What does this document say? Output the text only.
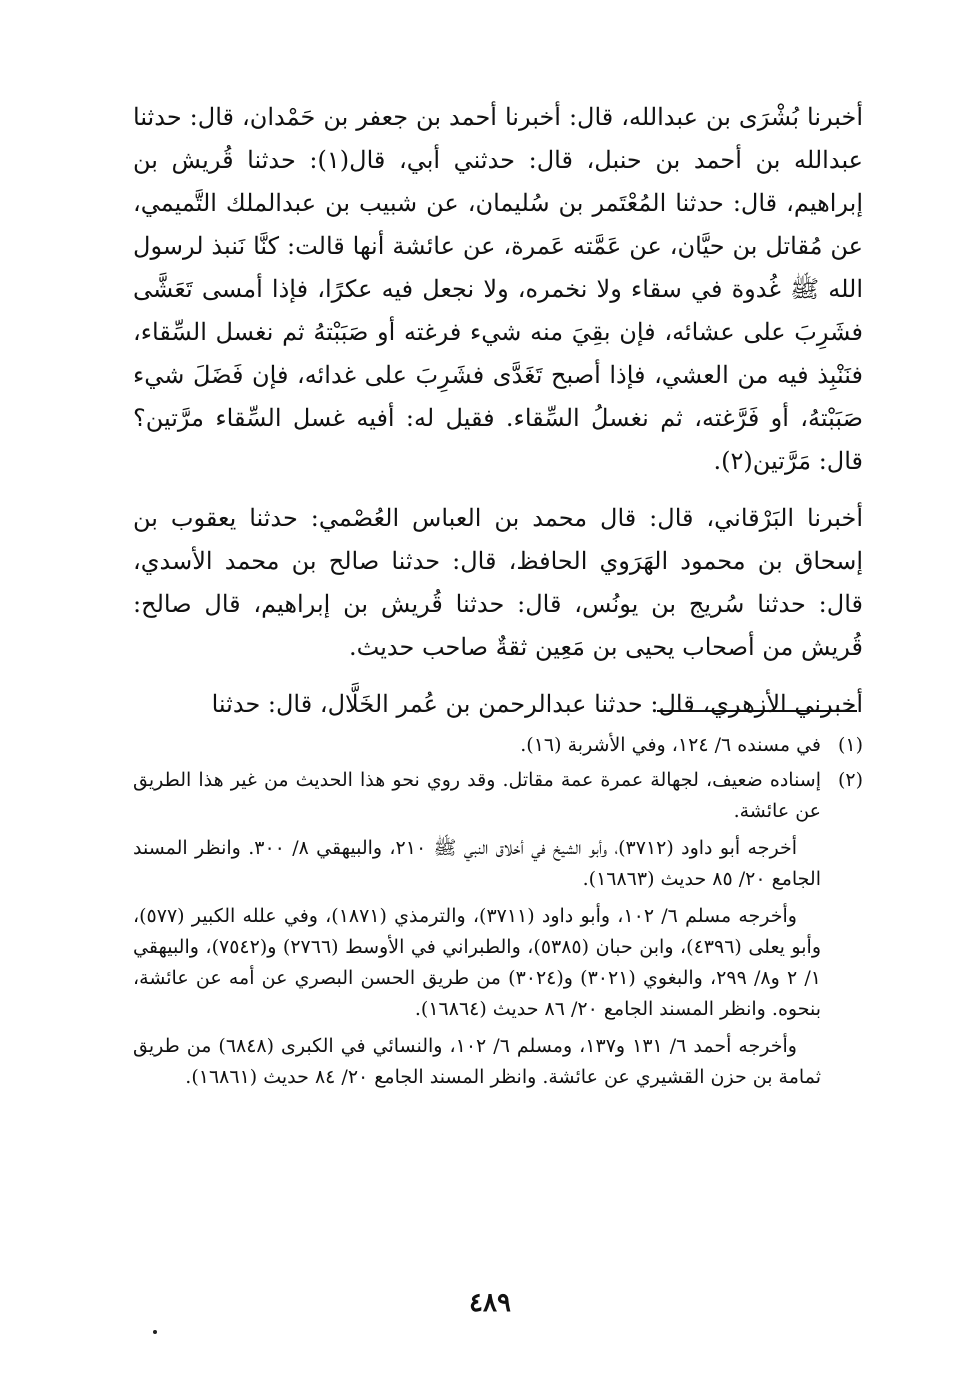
أخبرنا بُشْرَى بن عبدالله، قال: أخبرنا أحمد بن جعفر بن حَمْدان، قال: حدثنا عبدالله بن أحمد بن حنبل، قال: حدثني أبي، قال(١): حدثنا قُريش بن إبراهيم، قال: حدثنا المُعْتَمر بن سُليمان، عن شبيب بن عبدالملك التَّميمي، عن مُقاتل بن حيَّان، عن عَمَّته عَمرة، عن عائشة أنها قالت: كنَّا نَنبذ لرسول الله ﷺ غُدوة في سقاء ولا نخمره، ولا نجعل فيه عكرًا، فإذا أمسى تَعَشَّى فشَرِبَ على عشائه، فإن بقِيَ منه شيء فرغته أو صَبَبْتهُ ثم نغسل السِّقاء، فنَنْبِذ فيه من العشي، فإذا أصبح تَغَدَّى فشَرِبَ على غدائه، فإن فَضَلَ شيء صَبَبْتهُ، أو فَرَّغته، ثم نغسلُ السِّقاء. فقيل له: أفيه غسل السِّقاء مرَّتين؟ قال: مَرَّتين(٢).

أخبرنا البَرْقاني، قال: قال محمد بن العباس العُصْمي: حدثنا يعقوب بن إسحاق بن محمود الهَرَوي الحافظ، قال: حدثنا صالح بن محمد الأسدي، قال: حدثنا سُريج بن يونُس، قال: حدثنا قُريش بن إبراهيم، قال صالح: قُريش من أصحاب يحيى بن مَعِين ثقةٌ صاحب حديث.

أخبرني الأزهري، قال: حدثنا عبدالرحمن بن عُمر الخَلَّال، قال: حدثنا

(١)

في مسنده ٦/ ١٢٤، وفي الأشربة (١٦).

(٢)

إسناده ضعيف، لجهالة عمرة عمة مقاتل. وقد روي نحو هذا الحديث من غير هذا الطريق عن عائشة.

أخرجه أبو داود (٣٧١٢)، وأبو الشيخ في أخلاق النبي ﷺ ٢١٠، والبيهقي ٨/ ٣٠٠. وانظر المسند الجامع ٢٠/ ٨٥ حديث (١٦٨٦٣).

وأخرجه مسلم ٦/ ١٠٢، وأبو داود (٣٧١١)، والترمذي (١٨٧١)، وفي علله الكبير (٥٧٧)، وأبو يعلى (٤٣٩٦)، وابن حبان (٥٣٨٥)، والطبراني في الأوسط (٢٧٦٦) و(٧٥٤٢)، والبيهقي ١/ ٢ و٨/ ٢٩٩، والبغوي (٣٠٢١) و(٣٠٢٤) من طريق الحسن البصري عن أمه عن عائشة، بنحوه. وانظر المسند الجامع ٢٠/ ٨٦ حديث (١٦٨٦٤).

وأخرجه أحمد ٦/ ١٣١ و١٣٧، ومسلم ٦/ ١٠٢، والنسائي في الكبرى (٦٨٤٨) من طريق ثمامة بن حزن القشيري عن عائشة. وانظر المسند الجامع ٢٠/ ٨٤ حديث (١٦٨٦١).

٤٨٩
